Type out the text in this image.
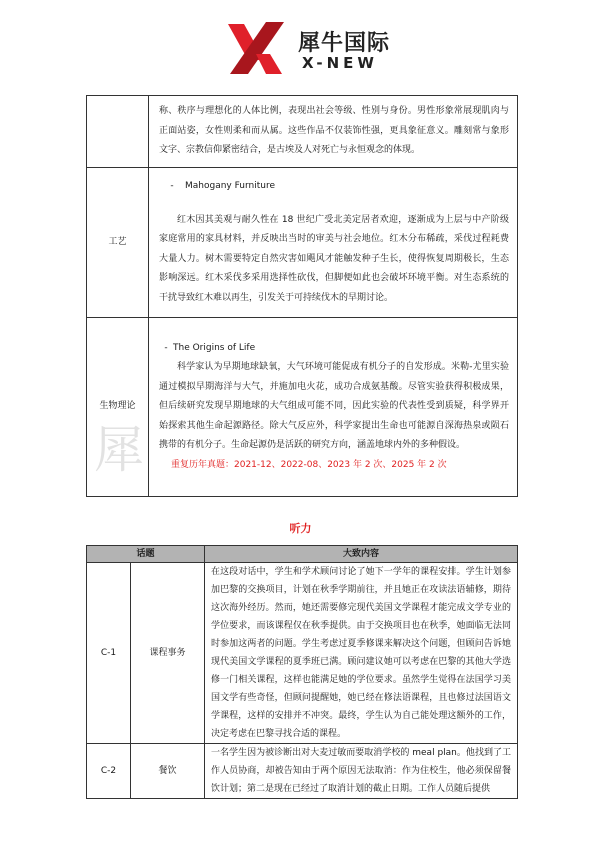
犀牛国际
X-NEW

	称、秩序与理想化的人体比例，表现出社会等级、性别与身份。男性形象常展现肌肉与正面站姿，女性则柔和而从属。这些作品不仅装饰性强，更具象征意义。雕刻常与象形文字、宗教信仰紧密结合，是古埃及人对死亡与永恒观念的体现。

工艺	- Mahogany Furniture

红木因其美观与耐久性在 18 世纪广受北美定居者欢迎，逐渐成为上层与中产阶级家庭常用的家具材料，并反映出当时的审美与社会地位。红木分布稀疏，采伐过程耗费大量人力。树木需要特定自然灾害如飓风才能触发种子生长，使得恢复周期极长，生态影响深远。红木采伐多采用选择性砍伐，但脚便如此也会破坏环境平衡。对生态系统的干扰导致红木难以再生，引发关于可持续伐木的早期讨论。

生物理论	- The Origins of Life

科学家认为早期地球缺氧，大气环境可能促成有机分子的自发形成。米勒-尤里实验通过模拟早期海洋与大气，并施加电火花，成功合成氨基酸。尽管实验获得积极成果，但后续研究发现早期地球的大气组成可能不同，因此实验的代表性受到质疑，科学界开始探索其他生命起源路径。除大气反应外，科学家提出生命也可能源自深海热泉或陨石携带的有机分子。生命起源仍是活跃的研究方向，涵盖地球内外的多种假设。

重复历年真题：2021-12、2022-08、2023 年 2 次、2025 年 2 次

犀
听力
话题		大致内容
C-1	课程事务	在这段对话中，学生和学术顾问讨论了她下一学年的课程安排。学生计划参加巴黎的交换项目，计划在秋季学期前往，并且她正在攻读法语辅修，期待这次海外经历。然而，她还需要修完现代美国文学课程才能完成文学专业的学位要求，而该课程仅在秋季提供。由于交换项目也在秋季，她面临无法同时参加这两者的问题。学生考虑过夏季修课来解决这个问题，但顾问告诉她现代美国文学课程的夏季班已满。顾问建议她可以考虑在巴黎的其他大学选修一门相关课程，这样也能满足她的学位要求。虽然学生觉得在法国学习美国文学有些奇怪，但顾问提醒她，她已经在修法语课程，且也修过法国语文学课程，这样的安排并不冲突。最终，学生认为自己能处理这额外的工作，决定考虑在巴黎寻找合适的课程。
C-2	餐饮	一名学生因为被诊断出对大麦过敏而要取消学校的 meal plan。他找到了工作人员协商，却被告知由于两个原因无法取消：作为住校生，他必须保留餐饮计划；第二是现在已经过了取消计划的截止日期。工作人员随后提供
